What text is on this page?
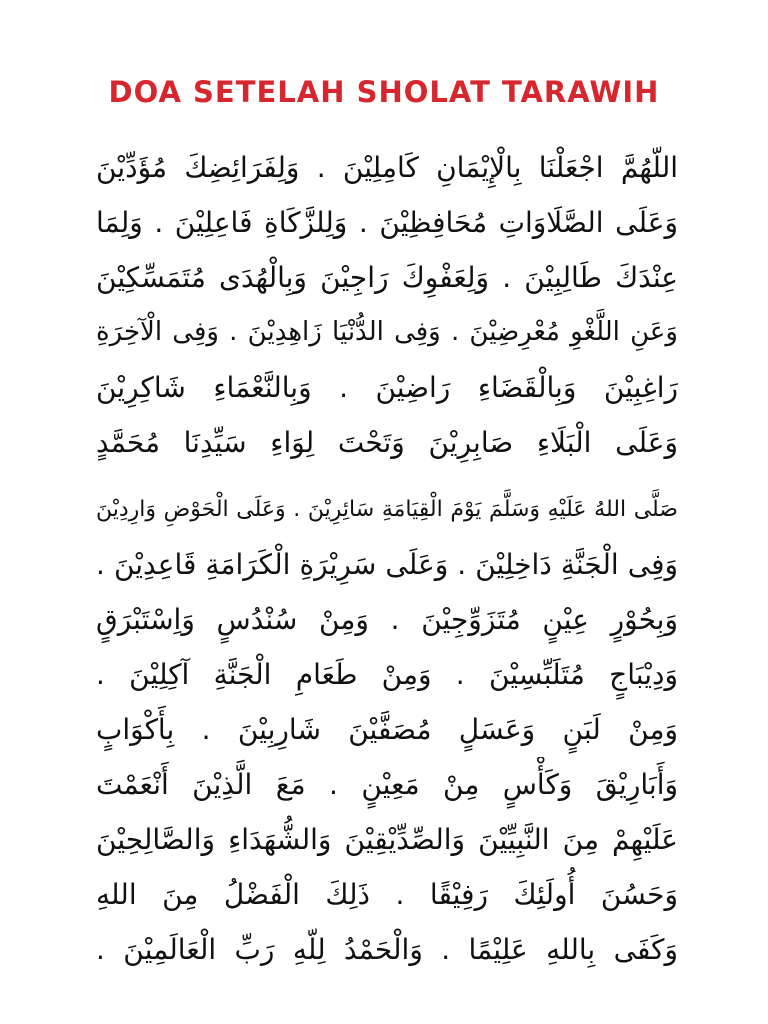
DOA SETELAH SHOLAT TARAWIH
اللّهُمَّ اجْعَلْنَا بِالْإِيْمَانِ كَامِلِيْنَ . وَلِفَرَائِضِكَ مُؤَدِّيْنَ
وَعَلَى الصَّلَاوَاتِ مُحَافِظِيْنَ . وَلِلزَّكَاةِ فَاعِلِيْنَ . وَلِمَا
عِنْدَكَ طَالِبِيْنَ . وَلِعَفْوِكَ رَاجِيْنَ وَبِالْهُدَى مُتَمَسِّكِيْنَ
وَعَنِ اللَّغْوِ مُعْرِضِيْنَ . وَفِى الدُّنْيَا زَاهِدِيْنَ . وَفِى الْآخِرَةِ
رَاغِبِيْنَ وَبِالْقَضَاءِ رَاضِيْنَ . وَبِالنَّعْمَاءِ شَاكِرِيْنَ
وَعَلَى الْبَلَاءِ صَابِرِيْنَ وَتَحْتَ لِوَاءِ سَيِّدِنَا مُحَمَّدٍ
صَلَّى اللهُ عَلَيْهِ وَسَلَّمَ يَوْمَ الْقِيَامَةِ سَائِرِيْنَ . وَعَلَى الْحَوْضِ وَارِدِيْنَ
وَفِى الْجَنَّةِ دَاخِلِيْنَ . وَعَلَى سَرِيْرَةِ الْكَرَامَةِ قَاعِدِيْنَ .
وَبِحُوْرٍ عِيْنٍ مُتَزَوِّجِيْنَ . وَمِنْ سُنْدُسٍ وَاِسْتَبْرَقٍ
وَدِيْبَاجٍ مُتَلَبِّسِيْنَ . وَمِنْ طَعَامِ الْجَنَّةِ آكِلِيْنَ .
وَمِنْ لَبَنٍ وَعَسَلٍ مُصَفَّيْنَ شَارِبِيْنَ . بِأَكْوَابٍ
وَأَبَارِيْقَ وَكَأْسٍ مِنْ مَعِيْنٍ . مَعَ الَّذِيْنَ أَنْعَمْتَ
عَلَيْهِمْ مِنَ النَّبِيِّيْنَ وَالصِّدِّيْقِيْنَ وَالشُّهَدَاءِ وَالصَّالِحِيْنَ
وَحَسُنَ أُولَئِكَ رَفِيْقًا . ذَلِكَ الْفَضْلُ مِنَ اللهِ
وَكَفَى بِاللهِ عَلِيْمًا . وَالْحَمْدُ لِلّهِ رَبِّ الْعَالَمِيْنَ .
